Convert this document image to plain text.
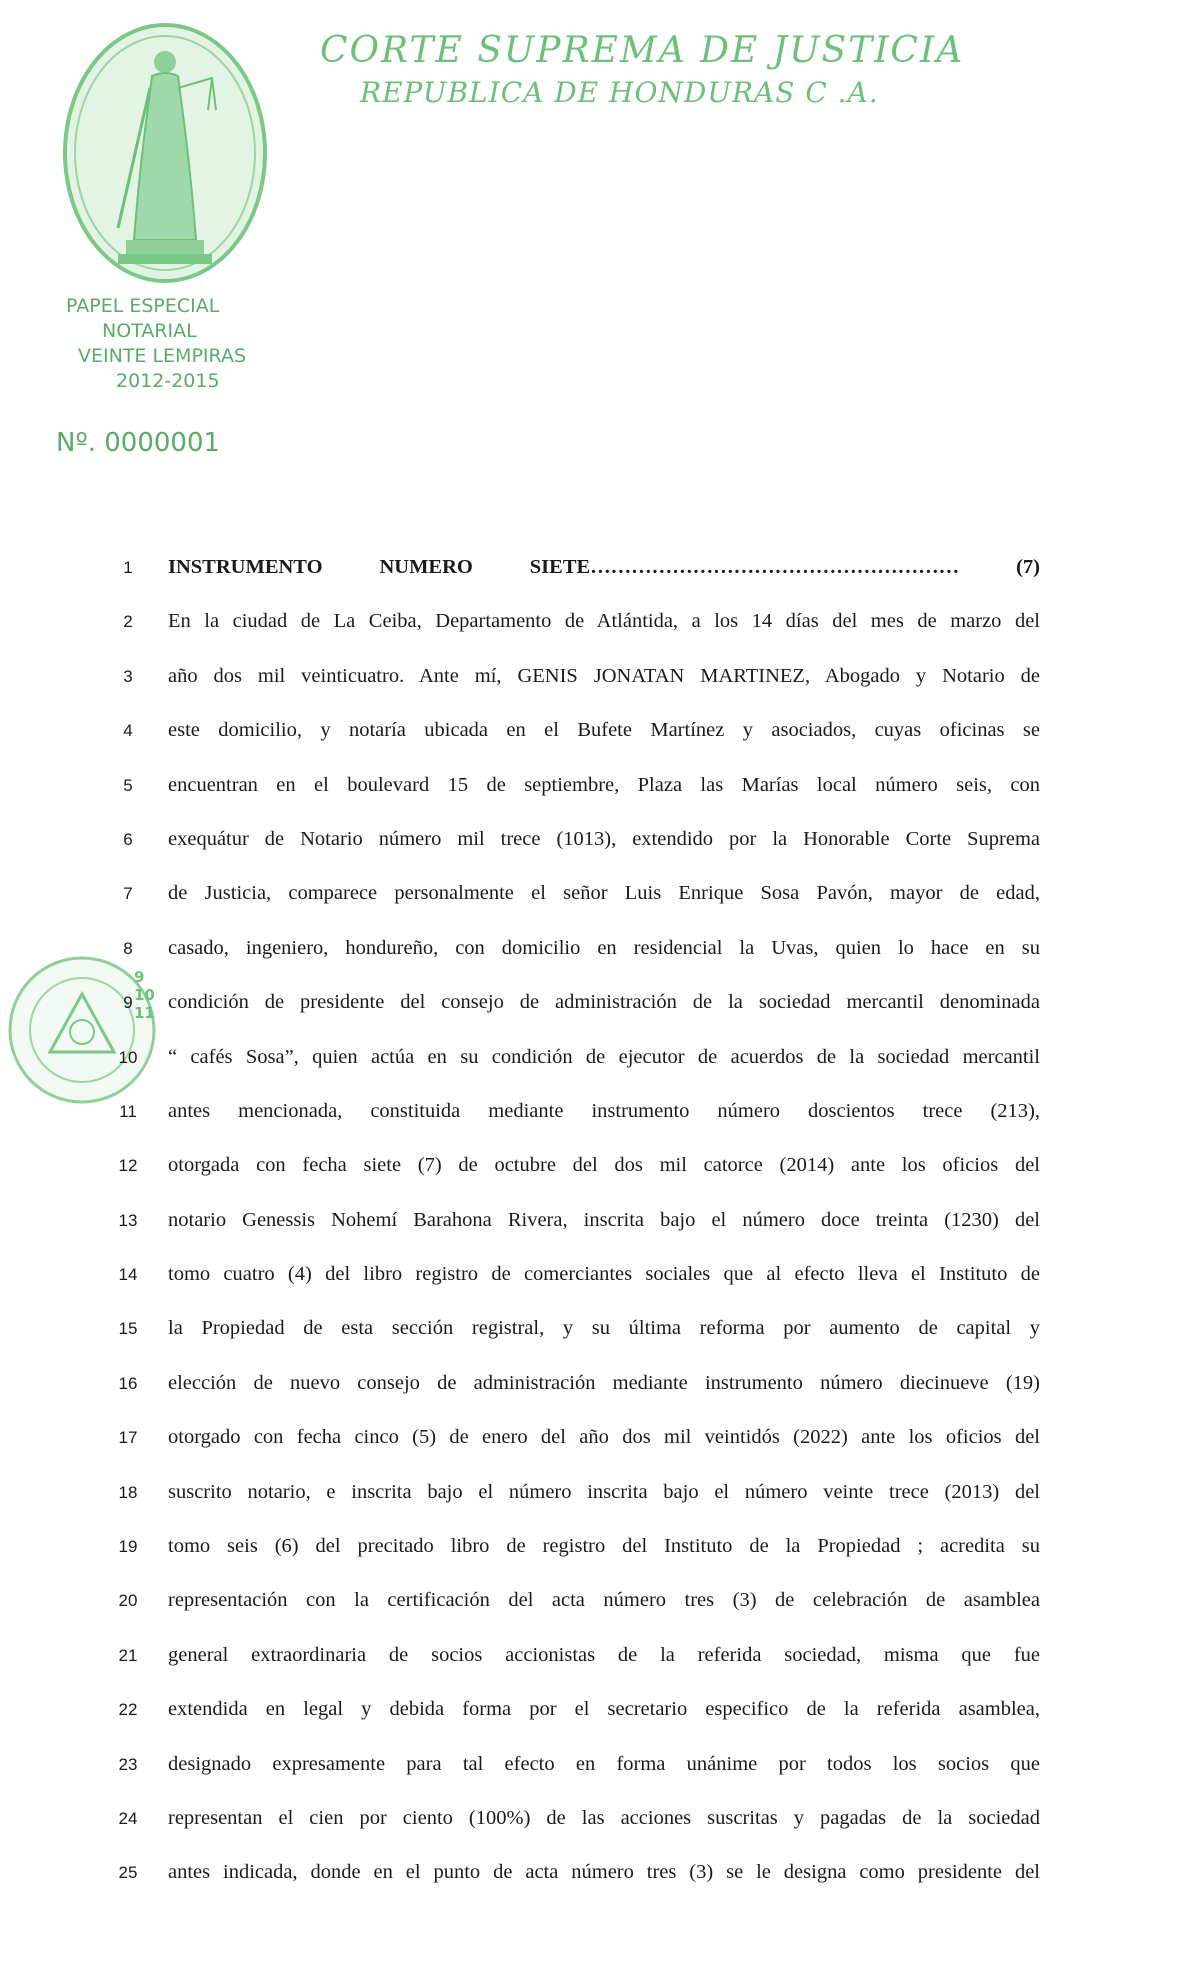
CORTE SUPREMA DE JUSTICIA
REPUBLICA DE HONDURAS C .A.
PAPEL ESPECIAL
NOTARIAL
VEINTE LEMPIRAS
2012-2015
Nº. 0000001
9
10
11
1	INSTRUMENTO NUMERO SIETE……………………………………………… (7)
2	En la ciudad de La Ceiba, Departamento de Atlántida, a los 14 días del mes de marzo del
3	año dos mil veinticuatro. Ante mí, GENIS JONATAN MARTINEZ, Abogado y Notario de
4	este domicilio, y notaría ubicada en el Bufete Martínez y asociados, cuyas oficinas se
5	encuentran en el boulevard 15 de septiembre, Plaza las Marías local número seis, con
6	exequátur de Notario número mil trece (1013), extendido por la Honorable Corte Suprema
7	de Justicia, comparece personalmente el señor Luis Enrique Sosa Pavón, mayor de edad,
8	casado, ingeniero, hondureño, con domicilio en residencial la Uvas, quien lo hace en su
9	condición de presidente del consejo de administración de la sociedad mercantil denominada
10	“ cafés Sosa”, quien actúa en su condición de ejecutor de acuerdos de la sociedad mercantil
11	antes mencionada, constituida mediante instrumento número doscientos trece (213),
12	otorgada con fecha siete (7) de octubre del dos mil catorce (2014) ante los oficios del
13	notario Genessis Nohemí Barahona Rivera, inscrita bajo el número doce treinta (1230) del
14	tomo cuatro (4) del libro registro de comerciantes sociales que al efecto lleva el Instituto de
15	la Propiedad de esta sección registral, y su última reforma por aumento de capital y
16	elección de nuevo consejo de administración mediante instrumento número diecinueve (19)
17	otorgado con fecha cinco (5) de enero del año dos mil veintidós (2022) ante los oficios del
18	suscrito notario, e inscrita bajo el número inscrita bajo el número veinte trece (2013) del
19	tomo seis (6) del precitado libro de registro del Instituto de la Propiedad ; acredita su
20	representación con la certificación del acta número tres (3) de celebración de asamblea
21	general extraordinaria de socios accionistas de la referida sociedad, misma que fue
22	extendida en legal y debida forma por el secretario especifico de la referida asamblea,
23	designado expresamente para tal efecto en forma unánime por todos los socios que
24	representan el cien por ciento (100%) de las acciones suscritas y pagadas de la sociedad
25	antes indicada, donde en el punto de acta número tres (3) se le designa como presidente del
